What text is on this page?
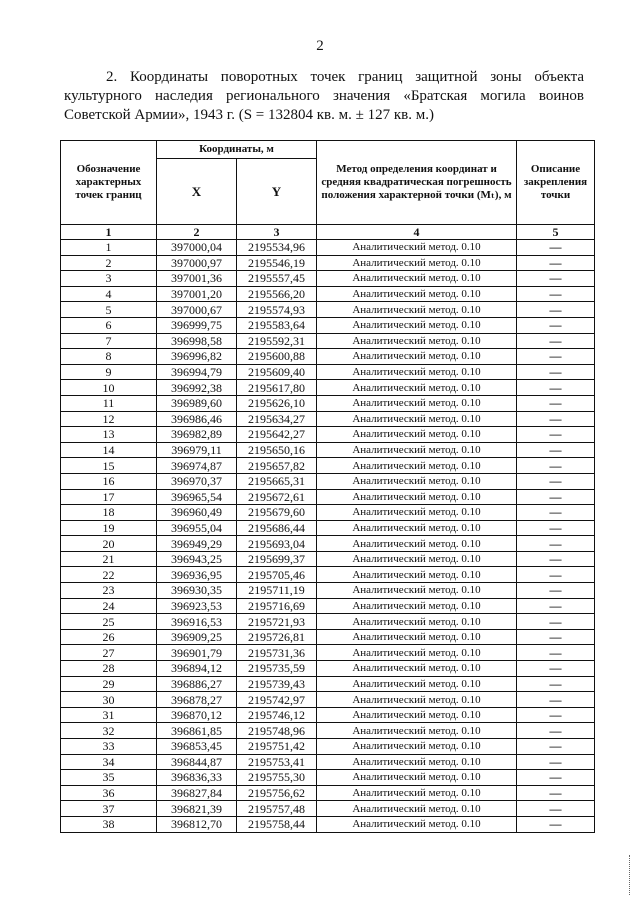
2
2. Координаты поворотных точек границ защитной зоны объекта культурного наследия регионального значения «Братская могила воинов Советской Армии», 1943 г. (S = 132804 кв. м. ± 127 кв. м.)
Обозначение характерных точек границ	Координаты, м		Метод определения координат и средняя квадратическая погрешность положения характерной точки (Mₜ), м	Описание закрепления точки
	X	Y		
1	2	3	4	5
1	397000,04	2195534,96	Аналитический метод. 0.10	—
2	397000,97	2195546,19	Аналитический метод. 0.10	—
3	397001,36	2195557,45	Аналитический метод. 0.10	—
4	397001,20	2195566,20	Аналитический метод. 0.10	—
5	397000,67	2195574,93	Аналитический метод. 0.10	—
6	396999,75	2195583,64	Аналитический метод. 0.10	—
7	396998,58	2195592,31	Аналитический метод. 0.10	—
8	396996,82	2195600,88	Аналитический метод. 0.10	—
9	396994,79	2195609,40	Аналитический метод. 0.10	—
10	396992,38	2195617,80	Аналитический метод. 0.10	—
11	396989,60	2195626,10	Аналитический метод. 0.10	—
12	396986,46	2195634,27	Аналитический метод. 0.10	—
13	396982,89	2195642,27	Аналитический метод. 0.10	—
14	396979,11	2195650,16	Аналитический метод. 0.10	—
15	396974,87	2195657,82	Аналитический метод. 0.10	—
16	396970,37	2195665,31	Аналитический метод. 0.10	—
17	396965,54	2195672,61	Аналитический метод. 0.10	—
18	396960,49	2195679,60	Аналитический метод. 0.10	—
19	396955,04	2195686,44	Аналитический метод. 0.10	—
20	396949,29	2195693,04	Аналитический метод. 0.10	—
21	396943,25	2195699,37	Аналитический метод. 0.10	—
22	396936,95	2195705,46	Аналитический метод. 0.10	—
23	396930,35	2195711,19	Аналитический метод. 0.10	—
24	396923,53	2195716,69	Аналитический метод. 0.10	—
25	396916,53	2195721,93	Аналитический метод. 0.10	—
26	396909,25	2195726,81	Аналитический метод. 0.10	—
27	396901,79	2195731,36	Аналитический метод. 0.10	—
28	396894,12	2195735,59	Аналитический метод. 0.10	—
29	396886,27	2195739,43	Аналитический метод. 0.10	—
30	396878,27	2195742,97	Аналитический метод. 0.10	—
31	396870,12	2195746,12	Аналитический метод. 0.10	—
32	396861,85	2195748,96	Аналитический метод. 0.10	—
33	396853,45	2195751,42	Аналитический метод. 0.10	—
34	396844,87	2195753,41	Аналитический метод. 0.10	—
35	396836,33	2195755,30	Аналитический метод. 0.10	—
36	396827,84	2195756,62	Аналитический метод. 0.10	—
37	396821,39	2195757,48	Аналитический метод. 0.10	—
38	396812,70	2195758,44	Аналитический метод. 0.10	—
